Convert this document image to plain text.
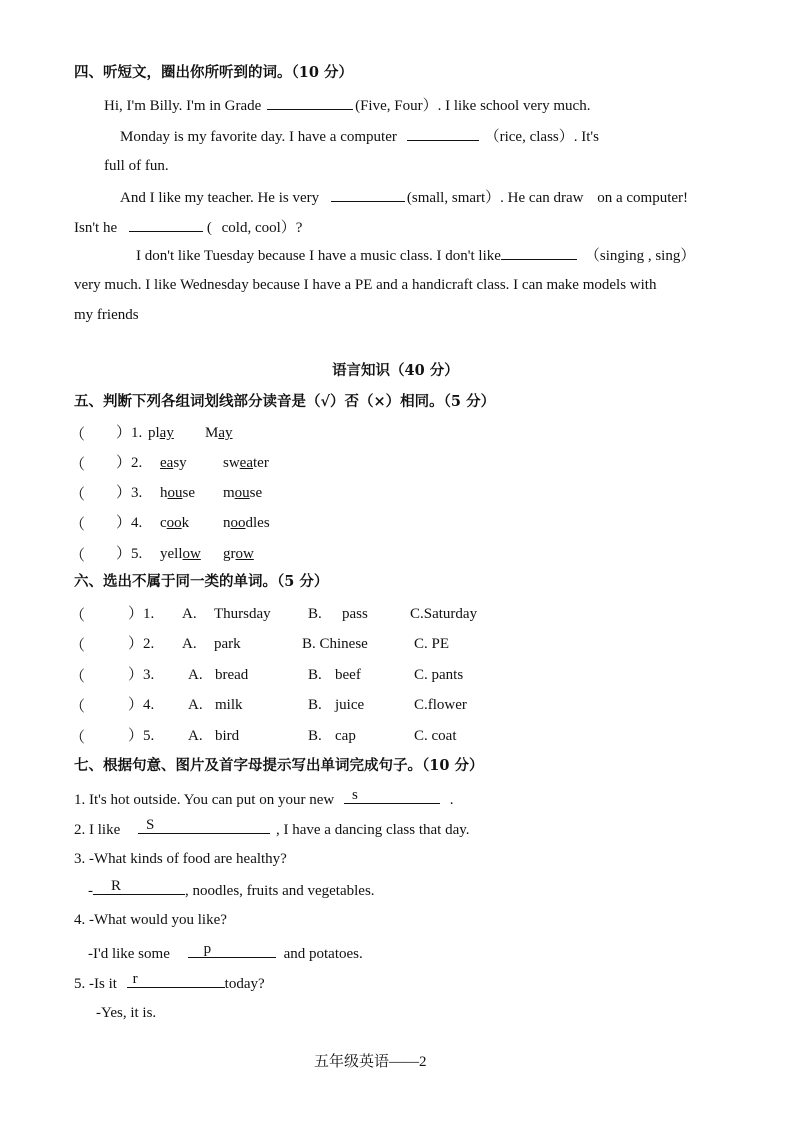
四、听短文，圈出你所听到的词。（10 分）
Hi, I'm Billy. I'm in Grade	(Five, Four）. I like school very much.
Monday is my favorite day. I have a computer	（rice, class）. It's
full of fun.
And I like my teacher. He is very	(small, smart）. He can draw on a computer!
Isn't he	( cold, cool）?
I don't like Tuesday because I have a music class. I don't like	（singing , sing）
very much. I like Wednesday because I have a PE and a handicraft class. I can make models with
my friends
语言知识（40 分）
五、判断下列各组词划线部分读音是（√）否（×）相同。（5 分）
（ ）1. play May
（ ）2. easy sweater
（ ）3. house mouse
（ ）4. cook noodles
（ ）5. yellow grow
六、选出不属于同一类的单词。（5 分）
（	）1. A. Thursday B. pass	C.Saturday
（	）2. A. park	B. Chinese	C. PE
（	）3. A. bread	B. beef	C. pants
（	）4. A. milk	B. juice	C.flower
（	）5. A. bird	B. cap	C. coat
七、根据句意、图片及首字母提示写出单词完成句子。（10 分）
1. It's hot outside. You can put on your new s	.
2. I like S	, I have a dancing class that day.
3. -What kinds of food are healthy?
- R	, noodles, fruits and vegetables.
4. -What would you like?
-I'd like some p	and potatoes.
5. -Is it r	today?
-Yes, it is.
五年级英语——2
